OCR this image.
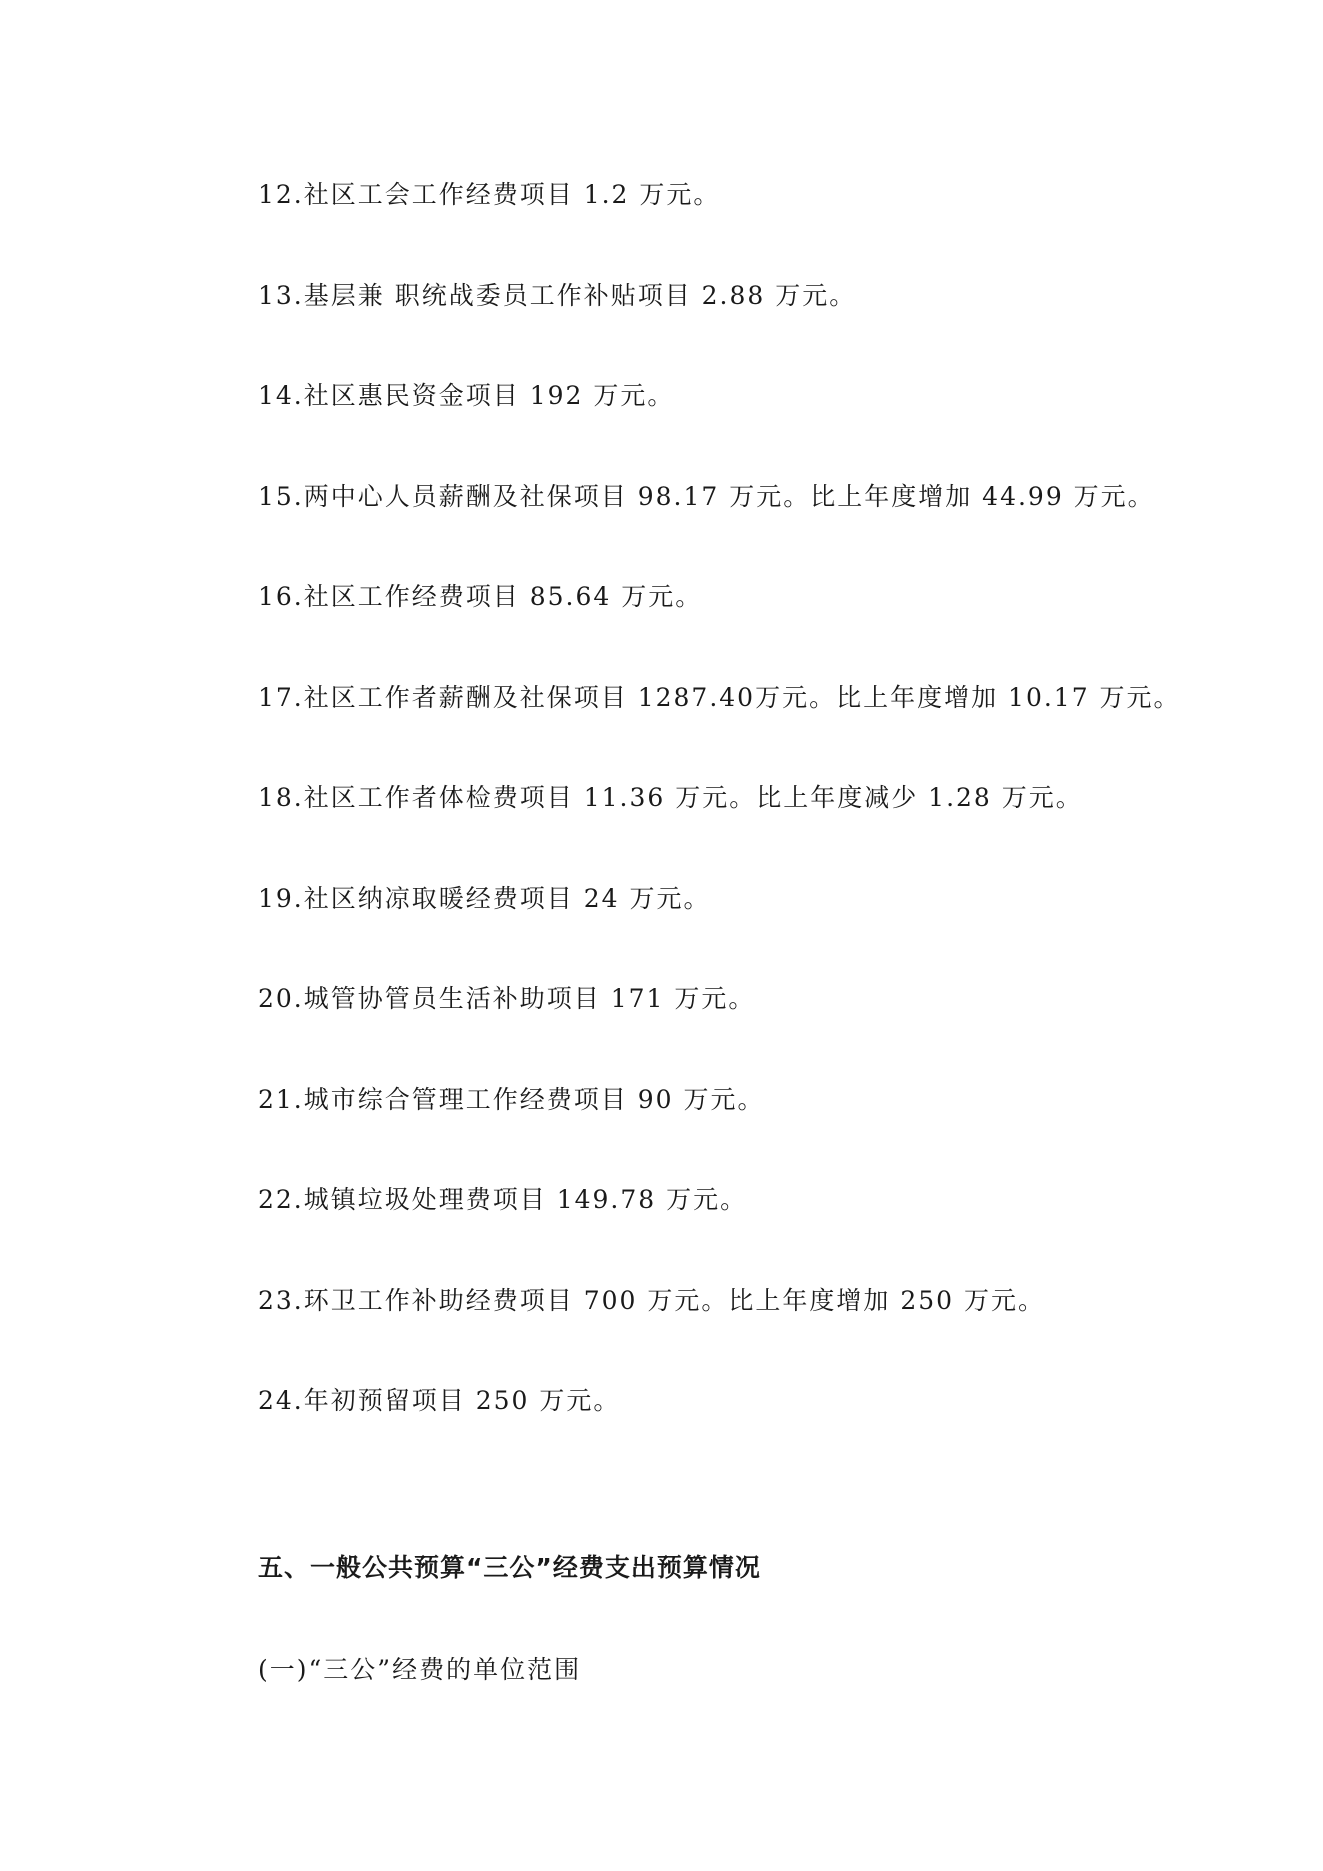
12.社区工会工作经费项目 1.2 万元。
13.基层兼 职统战委员工作补贴项目 2.88 万元。
14.社区惠民资金项目 192 万元。
15.两中心人员薪酬及社保项目 98.17 万元。比上年度增加 44.99 万元。
16.社区工作经费项目 85.64 万元。
17.社区工作者薪酬及社保项目 1287.40万元。比上年度增加 10.17 万元。
18.社区工作者体检费项目 11.36 万元。比上年度减少 1.28 万元。
19.社区纳凉取暖经费项目 24 万元。
20.城管协管员生活补助项目 171 万元。
21.城市综合管理工作经费项目 90 万元。
22.城镇垃圾处理费项目 149.78 万元。
23.环卫工作补助经费项目 700 万元。比上年度增加 250 万元。
24.年初预留项目 250 万元。
五、一般公共预算“三公”经费支出预算情况
(一)“三公”经费的单位范围
